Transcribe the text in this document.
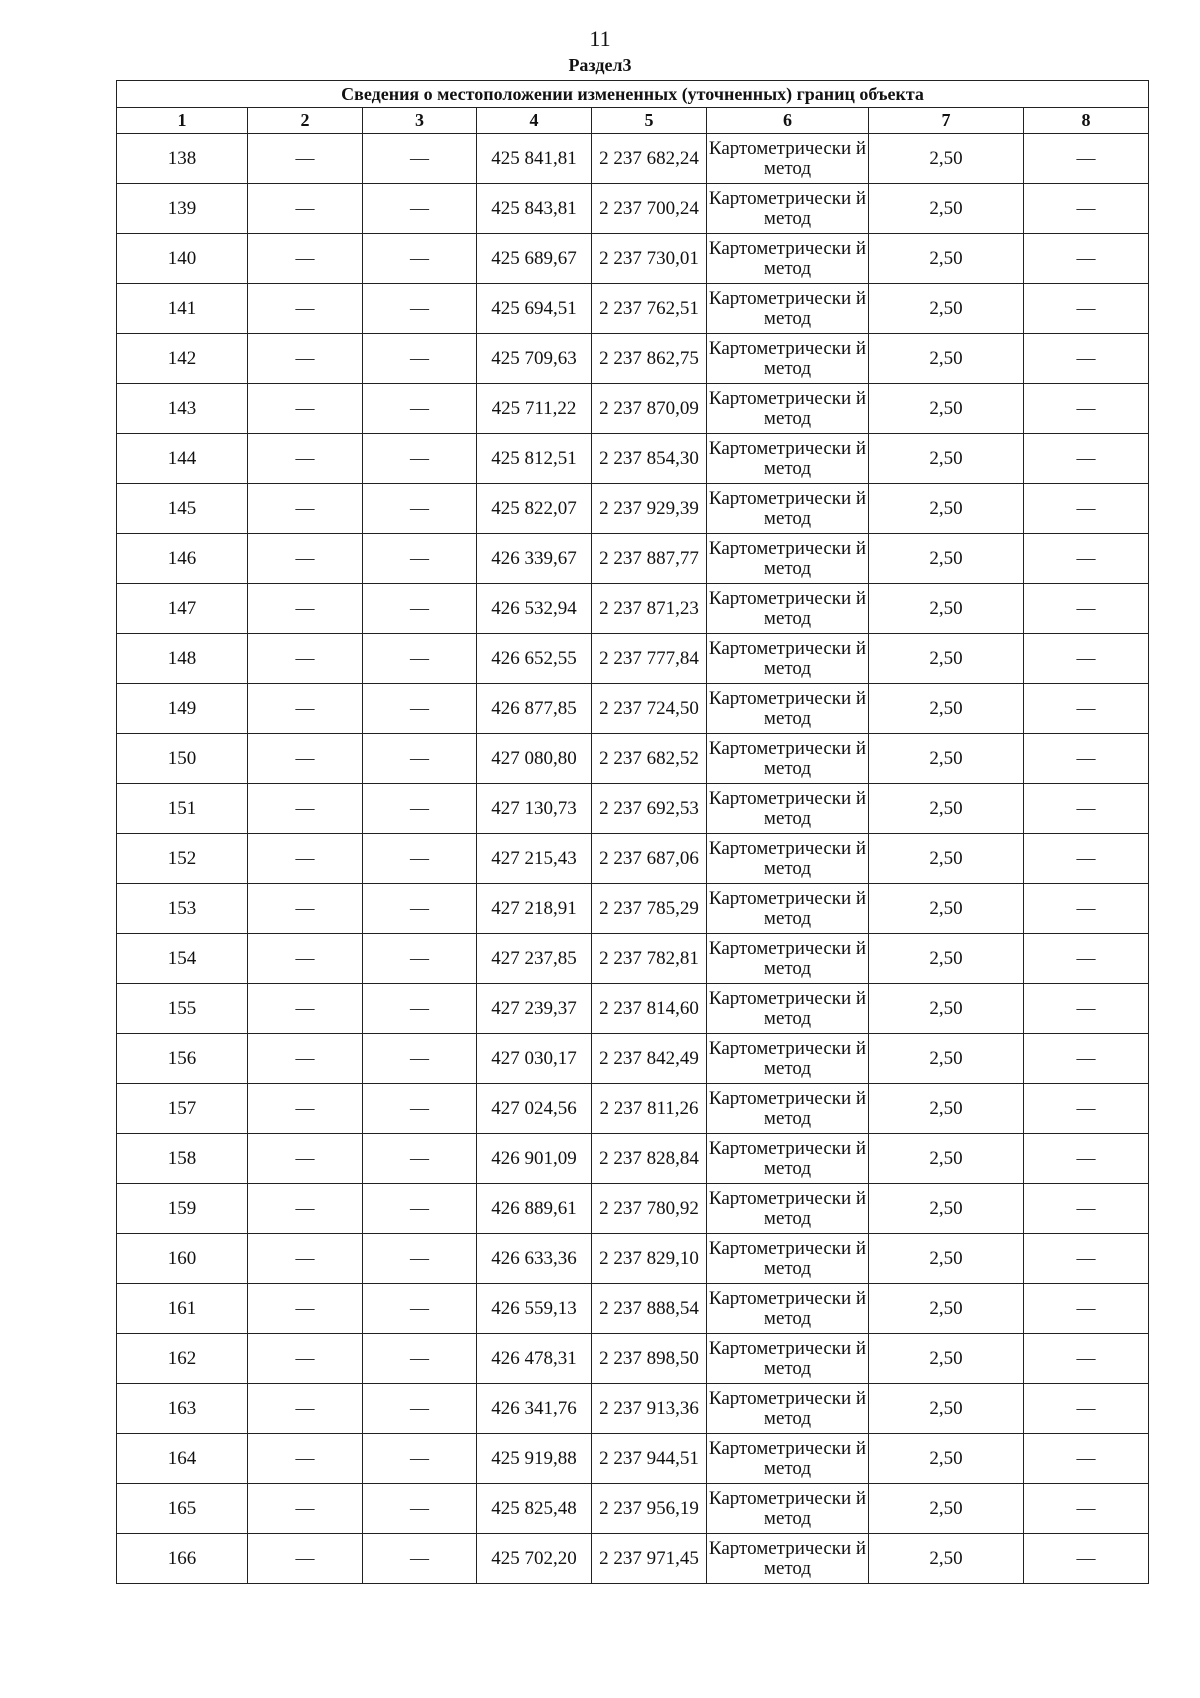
11
Раздел3
Сведения о местоположении измененных (уточненных) границ объекта							
1	2	3	4	5	6	7	8
138	—	—	425 841,81	2 237 682,24	Картометрически й метод	2,50	—
139	—	—	425 843,81	2 237 700,24	Картометрически й метод	2,50	—
140	—	—	425 689,67	2 237 730,01	Картометрически й метод	2,50	—
141	—	—	425 694,51	2 237 762,51	Картометрически й метод	2,50	—
142	—	—	425 709,63	2 237 862,75	Картометрически й метод	2,50	—
143	—	—	425 711,22	2 237 870,09	Картометрически й метод	2,50	—
144	—	—	425 812,51	2 237 854,30	Картометрически й метод	2,50	—
145	—	—	425 822,07	2 237 929,39	Картометрически й метод	2,50	—
146	—	—	426 339,67	2 237 887,77	Картометрически й метод	2,50	—
147	—	—	426 532,94	2 237 871,23	Картометрически й метод	2,50	—
148	—	—	426 652,55	2 237 777,84	Картометрически й метод	2,50	—
149	—	—	426 877,85	2 237 724,50	Картометрически й метод	2,50	—
150	—	—	427 080,80	2 237 682,52	Картометрически й метод	2,50	—
151	—	—	427 130,73	2 237 692,53	Картометрически й метод	2,50	—
152	—	—	427 215,43	2 237 687,06	Картометрически й метод	2,50	—
153	—	—	427 218,91	2 237 785,29	Картометрически й метод	2,50	—
154	—	—	427 237,85	2 237 782,81	Картометрически й метод	2,50	—
155	—	—	427 239,37	2 237 814,60	Картометрически й метод	2,50	—
156	—	—	427 030,17	2 237 842,49	Картометрически й метод	2,50	—
157	—	—	427 024,56	2 237 811,26	Картометрически й метод	2,50	—
158	—	—	426 901,09	2 237 828,84	Картометрически й метод	2,50	—
159	—	—	426 889,61	2 237 780,92	Картометрически й метод	2,50	—
160	—	—	426 633,36	2 237 829,10	Картометрически й метод	2,50	—
161	—	—	426 559,13	2 237 888,54	Картометрически й метод	2,50	—
162	—	—	426 478,31	2 237 898,50	Картометрически й метод	2,50	—
163	—	—	426 341,76	2 237 913,36	Картометрически й метод	2,50	—
164	—	—	425 919,88	2 237 944,51	Картометрически й метод	2,50	—
165	—	—	425 825,48	2 237 956,19	Картометрически й метод	2,50	—
166	—	—	425 702,20	2 237 971,45	Картометрически й метод	2,50	—
